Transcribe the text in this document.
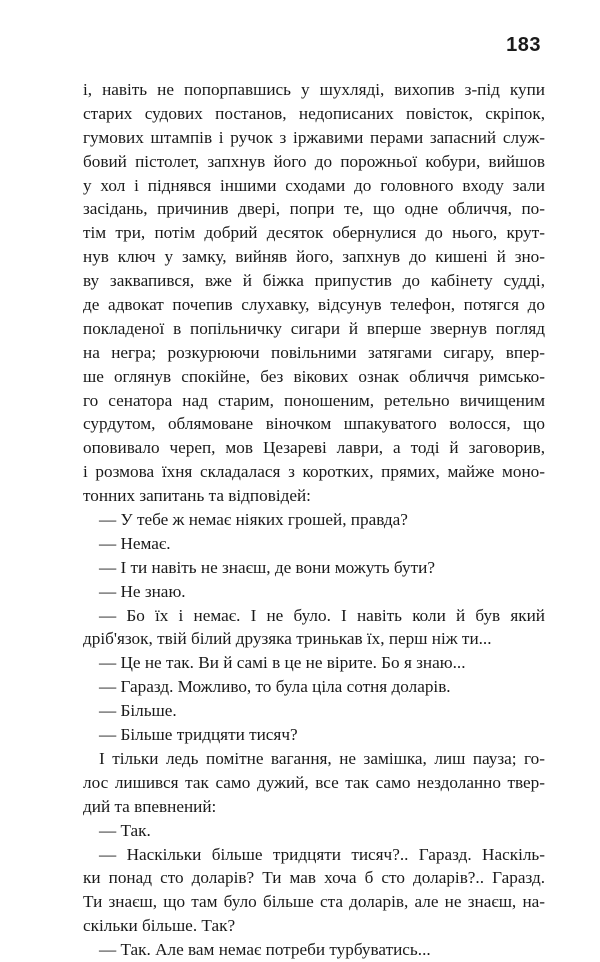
183
і, навіть не попорпавшись у шухляді, вихопив з-під купи
старих судових постанов, недописаних повісток, скріпок,
гумових штампів і ручок з іржавими перами запасний служ-
бовий пістолет, запхнув його до порожньої кобури, вийшов
у хол і піднявся іншими сходами до головного входу зали
засідань, причинив двері, попри те, що одне обличчя, по-
тім три, потім добрий десяток обернулися до нього, крут-
нув ключ у замку, вийняв його, запхнув до кишені й зно-
ву заквапився, вже й біжка припустив до кабінету судді,
де адвокат почепив слухавку, відсунув телефон, потягся до
покладеної в попільничку сигари й вперше звернув погляд
на негра; розкурюючи повільними затягами сигару, впер-
ше оглянув спокійне, без вікових ознак обличчя римсько-
го сенатора над старим, поношеним, ретельно вичищеним
сурдутом, облямоване віночком шпакуватого волосся, що
оповивало череп, мов Цезареві лаври, а тоді й заговорив,
і розмова їхня складалася з коротких, прямих, майже моно-
тонних запитань та відповідей:
— У тебе ж немає ніяких грошей, правда?
— Немає.
— І ти навіть не знаєш, де вони можуть бути?
— Не знаю.
— Бо їх і немає. І не було. І навіть коли й був який
дріб'язок, твій білий друзяка тринькав їх, перш ніж ти...
— Це не так. Ви й самі в це не вірите. Бо я знаю...
— Гаразд. Можливо, то була ціла сотня доларів.
— Більше.
— Більше тридцяти тисяч?
І тільки ледь помітне вагання, не замішка, лиш пауза; го-
лос лишився так само дужий, все так само нездоланно твер-
дий та впевнений:
— Так.
— Наскільки більше тридцяти тисяч?.. Гаразд. Наскіль-
ки понад сто доларів? Ти мав хоча б сто доларів?.. Гаразд.
Ти знаєш, що там було більше ста доларів, але не знаєш, на-
скільки більше. Так?
— Так. Але вам немає потреби турбуватись...
